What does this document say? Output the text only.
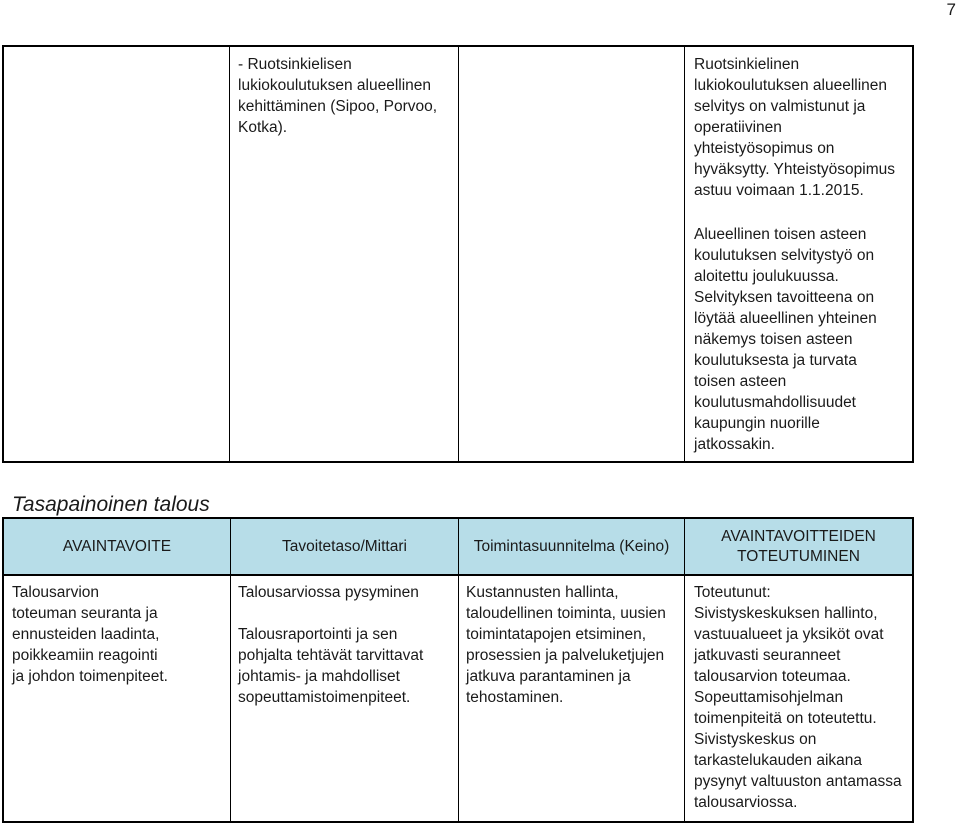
7

- Ruotsinkielisen
lukiokoulutuksen alueellinen
kehittäminen (Sipoo, Porvoo,
Kotka).

Ruotsinkielinen
lukiokoulutuksen alueellinen
selvitys on valmistunut ja
operatiivinen
yhteistyösopimus on
hyväksytty. Yhteistyösopimus
astuu voimaan 1.1.2015.

Alueellinen toisen asteen
koulutuksen selvitystyö on
aloitettu joulukuussa.
Selvityksen tavoitteena on
löytää alueellinen yhteinen
näkemys toisen asteen
koulutuksesta ja turvata
toisen asteen
koulutusmahdollisuudet
kaupungin nuorille
jatkossakin.

Tasapainoinen talous
AVAINTAVOITE	Tavoitetaso/Mittari	Toimintasuunnitelma (Keino)
AVAINTAVOITTEIDEN
TOTEUTUMINEN

Talousarvion
toteuman seuranta ja
ennusteiden laadinta,
poikkeamiin reagointi
ja johdon toimenpiteet.

Talousarviossa pysyminen

Talousraportointi ja sen
pohjalta tehtävät tarvittavat
johtamis- ja mahdolliset
sopeuttamistoimenpiteet.

Kustannusten hallinta,
taloudellinen toiminta, uusien
toimintatapojen etsiminen,
prosessien ja palveluketjujen
jatkuva parantaminen ja
tehostaminen.

Toteutunut:
Sivistyskeskuksen hallinto,
vastuualueet ja yksiköt ovat
jatkuvasti seuranneet
talousarvion toteumaa.
Sopeuttamisohjelman
toimenpiteitä on toteutettu.
Sivistyskeskus on
tarkastelukauden aikana
pysynyt valtuuston antamassa
talousarviossa.
